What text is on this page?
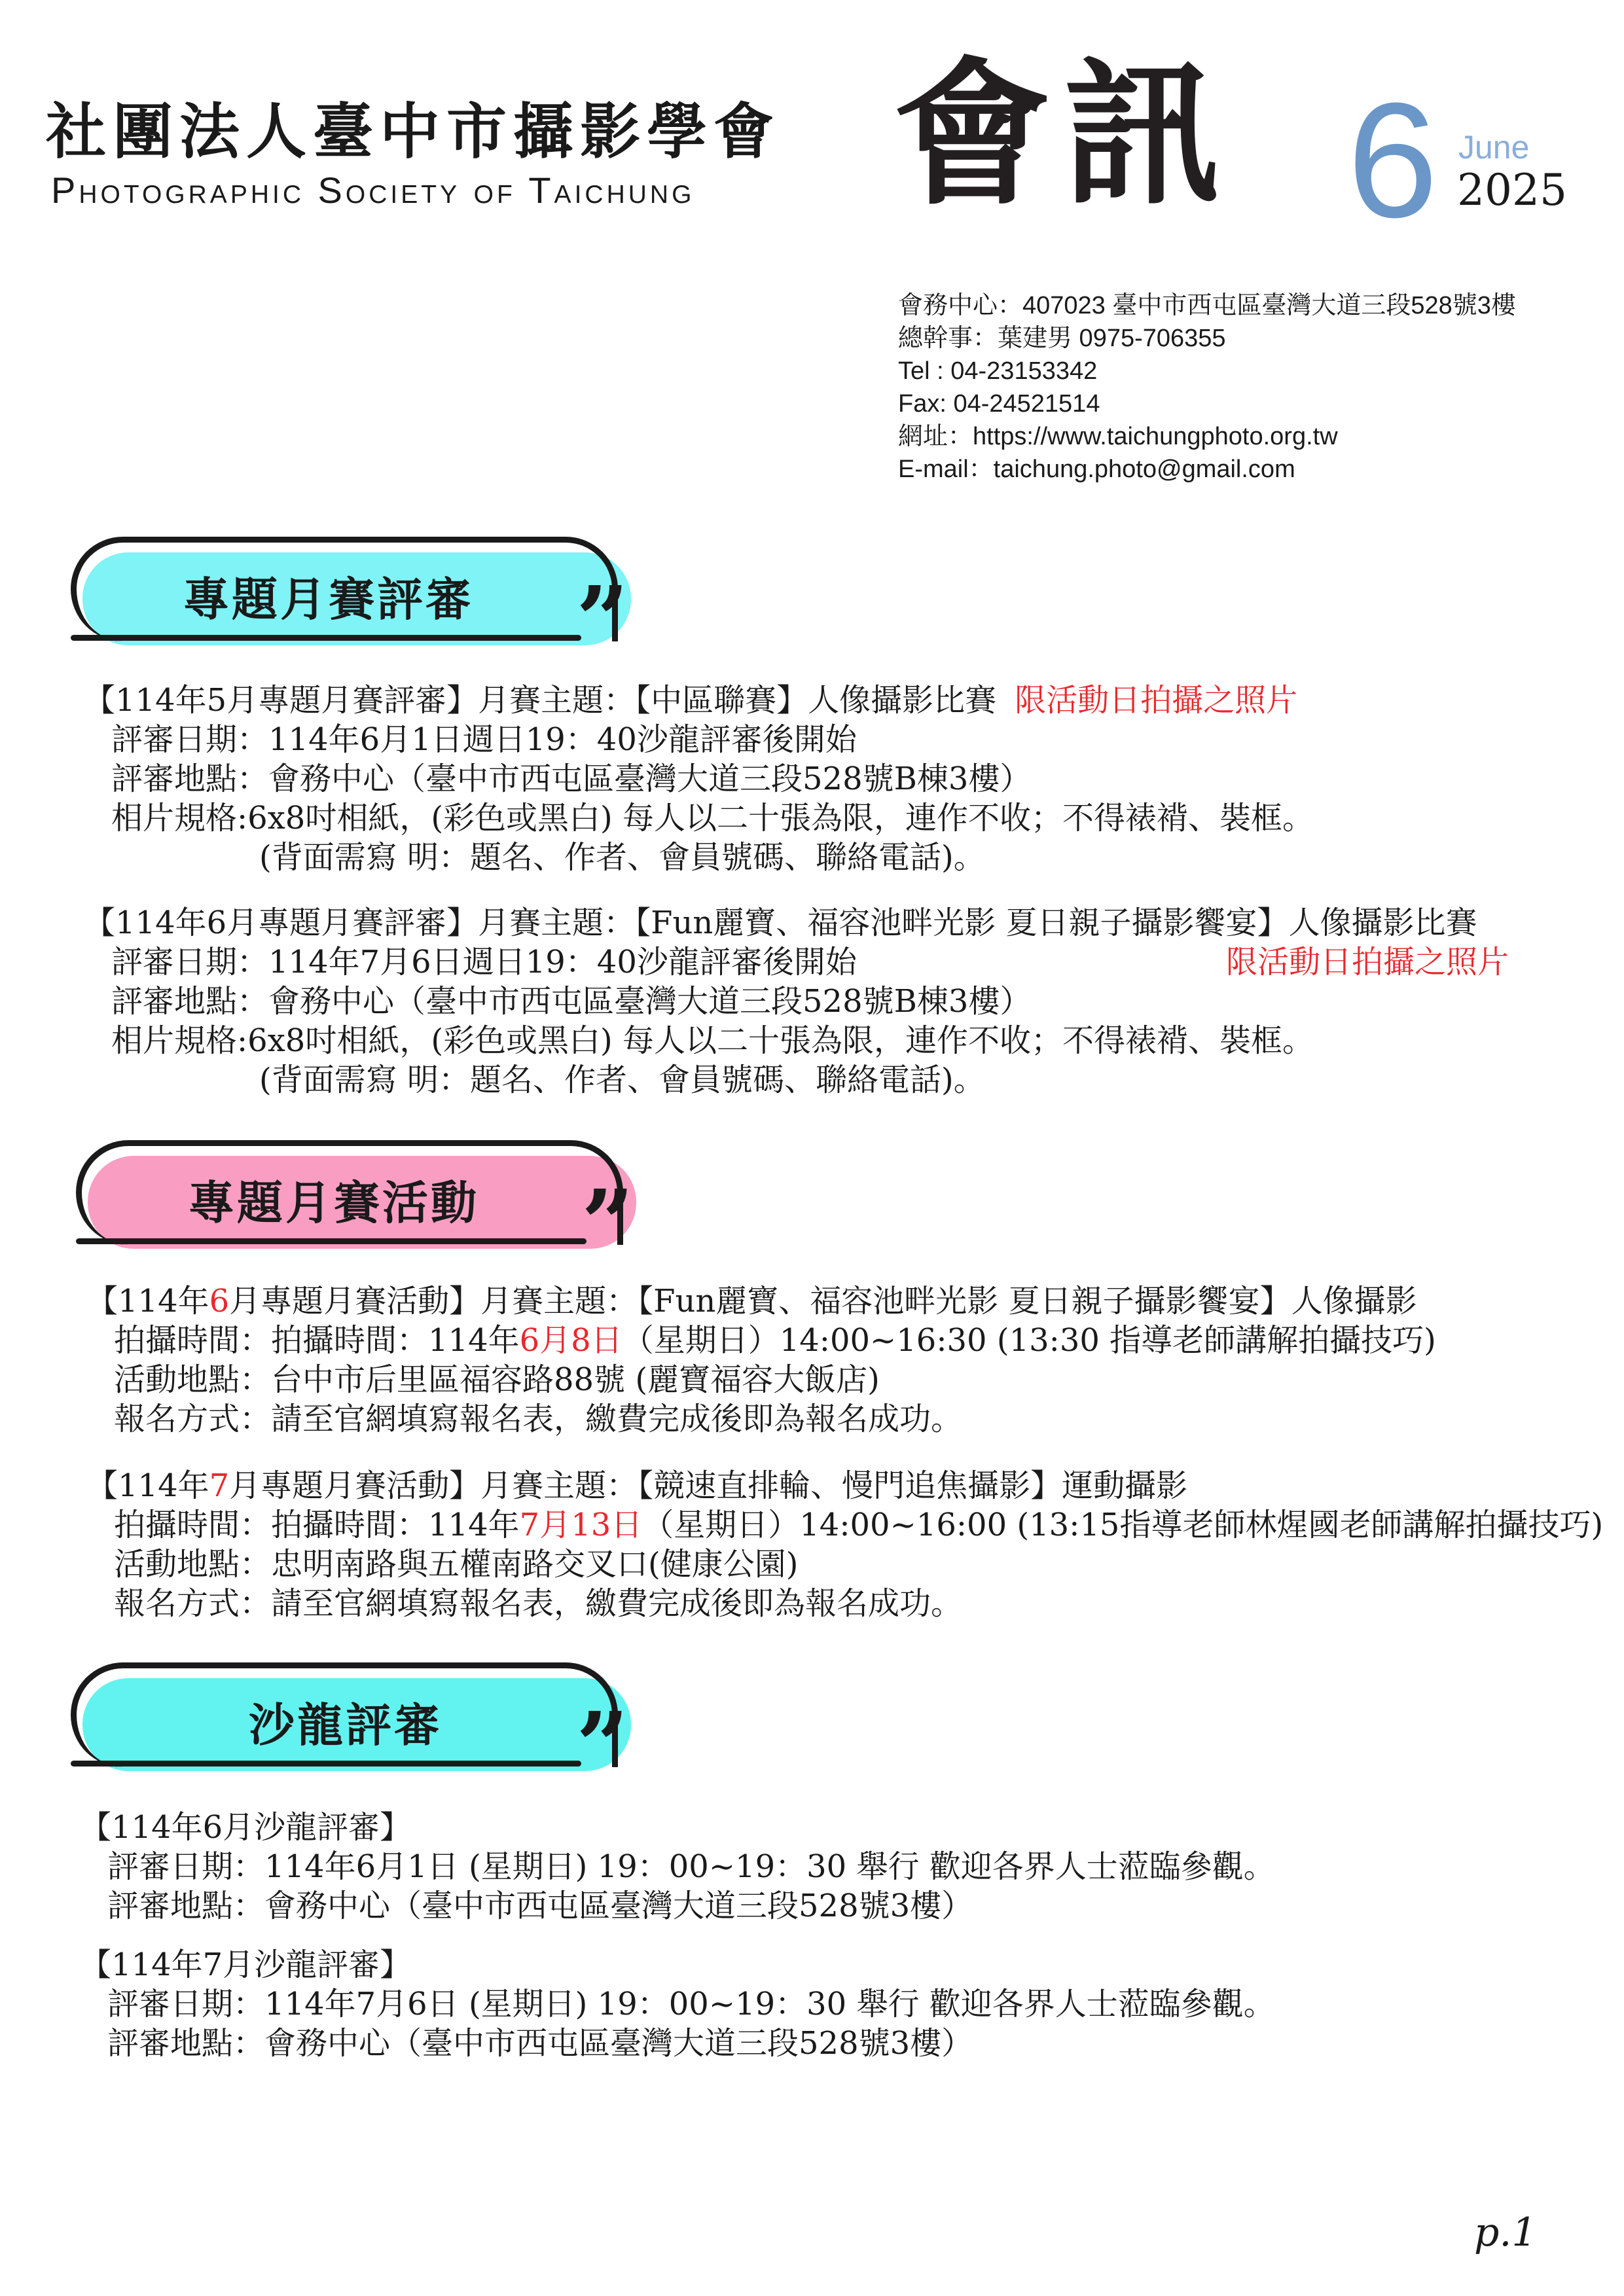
社團法人臺中市攝影學會
Photographic Society of Taichung 會訊 6 June
2025
會務中心：407023 臺中市西屯區臺灣大道三段528號3樓
總幹事：葉建男 0975-706355
Tel : 04-23153342
Fax: 04-24521514
網址：https://www.taichungphoto.org.tw
E-mail：taichung.photo@gmail.com
專題月賽評審 ”
【114年5月專題月賽評審】月賽主題：【中區聯賽】人像攝影比賽 限活動日拍攝之照片
評審日期：114年6月1日週日19：40沙龍評審後開始
評審地點：會務中心（臺中市西屯區臺灣大道三段528號B棟3樓）
相片規格:6x8吋相紙，(彩色或黑白) 每人以二十張為限，連作不收；不得裱褙、裝框。
(背面需寫 明：題名、作者、會員號碼、聯絡電話)。
【114年6月專題月賽評審】月賽主題：【Fun麗寶、福容池畔光影 夏日親子攝影饗宴】人像攝影比賽
評審日期：114年7月6日週日19：40沙龍評審後開始	限活動日拍攝之照片
評審地點：會務中心（臺中市西屯區臺灣大道三段528號B棟3樓）
相片規格:6x8吋相紙，(彩色或黑白) 每人以二十張為限，連作不收；不得裱褙、裝框。
(背面需寫 明：題名、作者、會員號碼、聯絡電話)。
專題月賽活動 ”
【114年6月專題月賽活動】月賽主題：【Fun麗寶、福容池畔光影 夏日親子攝影饗宴】人像攝影
拍攝時間：拍攝時間：114年6月8日（星期日）14:00~16:30 (13:30 指導老師講解拍攝技巧)
活動地點：台中市后里區福容路88號 (麗寶福容大飯店)
報名方式：請至官網填寫報名表，繳費完成後即為報名成功。
【114年7月專題月賽活動】月賽主題：【競速直排輪、慢門追焦攝影】運動攝影
拍攝時間：拍攝時間：114年7月13日（星期日）14:00~16:00 (13:15指導老師林煋國老師講解拍攝技巧)
活動地點：忠明南路與五權南路交叉口(健康公園)
報名方式：請至官網填寫報名表，繳費完成後即為報名成功。
沙龍評審 ”
【114年6月沙龍評審】
評審日期：114年6月1日 (星期日) 19：00~19：30 舉行 歡迎各界人士蒞臨參觀。
評審地點：會務中心（臺中市西屯區臺灣大道三段528號3樓）
【114年7月沙龍評審】
評審日期：114年7月6日 (星期日) 19：00~19：30 舉行 歡迎各界人士蒞臨參觀。
評審地點：會務中心（臺中市西屯區臺灣大道三段528號3樓）
p.1
